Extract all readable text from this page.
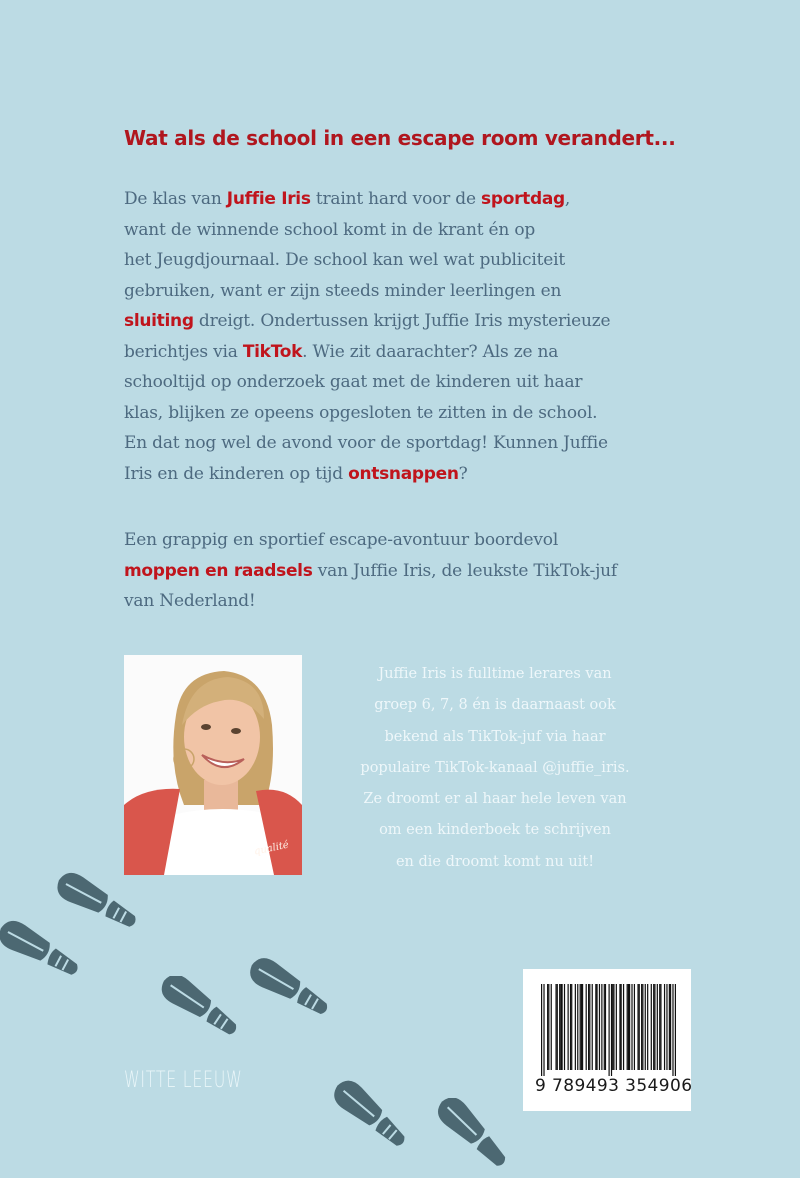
Wat als de school in een escape room verandert...

De klas van Juffie Iris traint hard voor de sportdag,

want de winnende school komt in de krant én op

het Jeugdjournaal. De school kan wel wat publiciteit

gebruiken, want er zijn steeds minder leerlingen en

sluiting dreigt. Ondertussen krijgt Juffie Iris mysterieuze

berichtjes via TikTok. Wie zit daarachter? Als ze na

schooltijd op onderzoek gaat met de kinderen uit haar

klas, blijken ze opeens opgesloten te zitten in de school.

En dat nog wel de avond voor de sportdag! Kunnen Juffie

Iris en de kinderen op tijd ontsnappen?

Een grappig en sportief escape-avontuur boordevol

moppen en raadsels van Juffie Iris, de leukste TikTok-juf

van Nederland!

qualité

Juffie Iris is fulltime lerares van

groep 6, 7, 8 én is daarnaast ook

bekend als TikTok-juf via haar

populaire TikTok-kanaal @juffie_iris.

Ze droomt er al haar hele leven van

om een kinderboek te schrijven

en die droomt komt nu uit!

WITTE LEEUW	9 789493 354906
